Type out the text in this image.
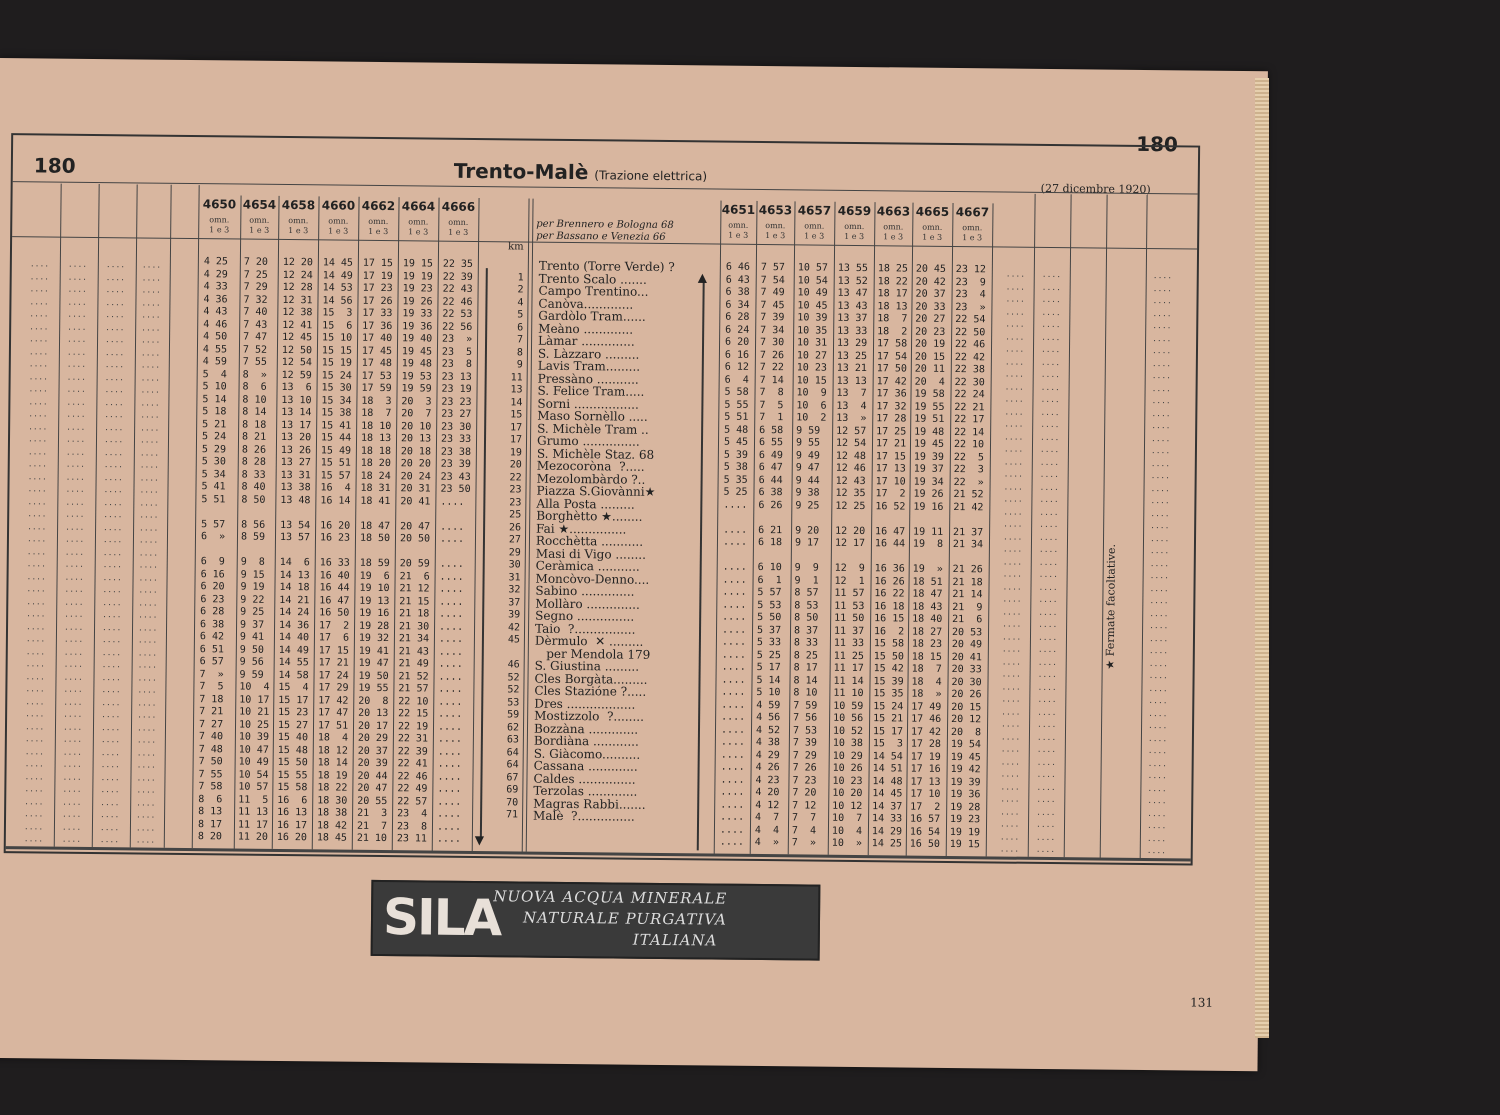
180
180
Trento-Malè (Trazione elettrica)
(27 dicembre 1920)
4650 4654 4658 4660 4662 4664 4666
omn.
1 e 3
omn.
1 e 3
omn.
1 e 3
omn.
1 e 3
omn.
1 e 3
omn.
1 e 3
omn.
1 e 3
4651 4653 4657 4659 4663 4665 4667
omn.
1 e 3
omn.
1 e 3
omn.
1 e 3
omn.
1 e 3
omn.
1 e 3
omn.
1 e 3
omn.
1 e 3
per Brennero e Bologna 68
per Bassano e Venezia 66
km
....
....
....
....
....
....
....
....
....
....
....
....
....
....
....
....
....
....
....
....
....
....
....
....
....
....
....
....
....
....
....
....
....
....
....
....
....
....
....
....
....
....
....
....
....
....
....
....
....
....
....
....
....
....
....
....
....
....
....
....
....
....
....
....
....
....
....
....
....
....
....
....
....
....
....
....
....
....
....
....
....
....
....
....
....
....
....
....
....
....
....
....
....
....
....
....
....
....
....
....
....
....
....
....
....
....
....
....
....
....
....
....
....
....
....
....
....
....
....
....
....
....
....
....
....
....
....
....
....
....
....
....
....
....
....
....
....
....
....
....
....
....
....
....
....
....
....
....
....
....
....
....
....
....
....
....
....
....
....
....
....
....
....
....
....
....
....
....
....
....
....
....
....
....
....
....
....
....
....
....
....
....
....
....
....
....
....
....
....
....
....
....
....
....
....
....
....
....
....
....
....
....
....
....
....
....
....
....
....
....
....
....
....
....
....
....
....
....
....
....
....
....
....
....
....
....
....
....
....
....
....
....
....
....
....
....
....
....
....
....
....
....
....
....
....
....
....
....
....
....
....
....
....
....
....
....
....
....
....
....
....
....
....
....
....
....
....
....
....
....
....
....
....
....
....
....
....
....
....
....
....
....
....
....
....
....
....
....
....
....
....
....
....
....
....
....
....
....
....
....
....
....
....
....
....
....
....
....
....
....
....
....
....
....
....
....
....
....
....
....
....
....
....
....
....
....
....
....
....
4 25
4 29
4 33
4 36
4 43
4 46
4 50
4 55
4 59
5  4
5 10
5 14
5 18
5 21
5 24
5 29
5 30
5 34
5 41
5 51

5 57
6  »

6  9
6 16
6 20
6 23
6 28
6 38
6 42
6 51
6 57
7  »
7  5
7 18
7 21
7 27
7 40
7 48
7 50
7 55
7 58
8  6
8 13
8 17
8 20
7 20
7 25
7 29
7 32
7 40
7 43
7 47
7 52
7 55
8  »
8  6
8 10
8 14
8 18
8 21
8 26
8 28
8 33
8 40
8 50

8 56
8 59

9  8
9 15
9 19
9 22
9 25
9 37
9 41
9 50
9 56
9 59
10  4
10 17
10 21
10 25
10 39
10 47
10 49
10 54
10 57
11  5
11 13
11 17
11 20
12 20
12 24
12 28
12 31
12 38
12 41
12 45
12 50
12 54
12 59
13  6
13 10
13 14
13 17
13 20
13 26
13 27
13 31
13 38
13 48

13 54
13 57

14  6
14 13
14 18
14 21
14 24
14 36
14 40
14 49
14 55
14 58
15  4
15 17
15 23
15 27
15 40
15 48
15 50
15 55
15 58
16  6
16 13
16 17
16 20
14 45
14 49
14 53
14 56
15  3
15  6
15 10
15 15
15 19
15 24
15 30
15 34
15 38
15 41
15 44
15 49
15 51
15 57
16  4
16 14

16 20
16 23

16 33
16 40
16 44
16 47
16 50
17  2
17  6
17 15
17 21
17 24
17 29
17 42
17 47
17 51
18  4
18 12
18 14
18 19
18 22
18 30
18 38
18 42
18 45
17 15
17 19
17 23
17 26
17 33
17 36
17 40
17 45
17 48
17 53
17 59
18  3
18  7
18 10
18 13
18 18
18 20
18 24
18 31
18 41

18 47
18 50

18 59
19  6
19 10
19 13
19 16
19 28
19 32
19 41
19 47
19 50
19 55
20  8
20 13
20 17
20 29
20 37
20 39
20 44
20 47
20 55
21  3
21  7
21 10
19 15
19 19
19 23
19 26
19 33
19 36
19 40
19 45
19 48
19 53
19 59
20  3
20  7
20 10
20 13
20 18
20 20
20 24
20 31
20 41

20 47
20 50

20 59
21  6
21 12
21 15
21 18
21 30
21 34
21 43
21 49
21 52
21 57
22 10
22 15
22 19
22 31
22 39
22 41
22 46
22 49
22 57
23  4
23  8
23 11
22 35
22 39
22 43
22 46
22 53
22 56
23  »
23  5
23  8
23 13
23 19
23 23
23 27
23 30
23 33
23 38
23 39
23 43
23 50
....

....
....

....
....
....
....
....
....
....
....
....
....
....
....
....
....
....
....
....
....
....
....
....
....
....

1
2
4
5
6
7
8
9
11
13
14
15
17
17
19
20
22
23
23
25
26
27
29
30
31
32
37
39
42
45

46
52
52
53
59
62
63
64
64
67
69
70
71
Trento (Torre Verde) ?
Trento Scalo .......
Campo Trentino...
Canòva.............
Gardòlo Tram......
Meàno .............
Làmar ..............
S. Làzzaro .........
Lavis Tram.........
Pressàno ...........
S. Felice Tram.....
Sorni .................
Maso Sornèllo .....
S. Michèle Tram ..
Grumo ...............
S. Michèle Staz. 68
Mezocoròna  ?.....
Mezolombàrdo ?..
Piazza S.Giovànni★
Alla Posta .........
Borghètto ★........
Fai ★...............
Rocchètta ...........
Masi di Vigo ........
Ceràmica ...........
Moncòvo-Denno....
Sabino ..............
Mollàro ..............
Segno ...............
Taio  ?................
Dèrmulo  ✕ .........
per Mendola 179
S. Giustina .........
Cles Borgàta.........
Cles Stazióne ?.....
Dres ..................
Mostizzolo  ?........
Bozzàna .............
Bordiàna ............
S. Giàcomo..........
Cassana .............
Caldes ...............
Terzolas .............
Magras Rabbi.......
Malè  ?...............
6 46
6 43
6 38
6 34
6 28
6 24
6 20
6 16
6 12
6  4
5 58
5 55
5 51
5 48
5 45
5 39
5 38
5 35
5 25
....

....
....

....
....
....
....
....
....
....
....
....
....
....
....
....
....
....
....
....
....
....
....
....
....
....
7 57
7 54
7 49
7 45
7 39
7 34
7 30
7 26
7 22
7 14
7  8
7  5
7  1
6 58
6 55
6 49
6 47
6 44
6 38
6 26

6 21
6 18

6 10
6  1
5 57
5 53
5 50
5 37
5 33
5 25
5 17
5 14
5 10
4 59
4 56
4 52
4 38
4 29
4 26
4 23
4 20
4 12
4  7
4  4
4  »
10 57
10 54
10 49
10 45
10 39
10 35
10 31
10 27
10 23
10 15
10  9
10  6
10  2
9 59
9 55
9 49
9 47
9 44
9 38
9 25

9 20
9 17

9  9
9  1
8 57
8 53
8 50
8 37
8 33
8 25
8 17
8 14
8 10
7 59
7 56
7 53
7 39
7 29
7 26
7 23
7 20
7 12
7  7
7  4
7  »
13 55
13 52
13 47
13 43
13 37
13 33
13 29
13 25
13 21
13 13
13  7
13  4
13  »
12 57
12 54
12 48
12 46
12 43
12 35
12 25

12 20
12 17

12  9
12  1
11 57
11 53
11 50
11 37
11 33
11 25
11 17
11 14
11 10
10 59
10 56
10 52
10 38
10 29
10 26
10 23
10 20
10 12
10  7
10  4
10  »
18 25
18 22
18 17
18 13
18  7
18  2
17 58
17 54
17 50
17 42
17 36
17 32
17 28
17 25
17 21
17 15
17 13
17 10
17  2
16 52

16 47
16 44

16 36
16 26
16 22
16 18
16 15
16  2
15 58
15 50
15 42
15 39
15 35
15 24
15 21
15 17
15  3
14 54
14 51
14 48
14 45
14 37
14 33
14 29
14 25
20 45
20 42
20 37
20 33
20 27
20 23
20 19
20 15
20 11
20  4
19 58
19 55
19 51
19 48
19 45
19 39
19 37
19 34
19 26
19 16

19 11
19  8

19  »
18 51
18 47
18 43
18 40
18 27
18 23
18 15
18  7
18  4
18  »
17 49
17 46
17 42
17 28
17 19
17 16
17 13
17 10
17  2
16 57
16 54
16 50
23 12
23  9
23  4
23  »
22 54
22 50
22 46
22 42
22 38
22 30
22 24
22 21
22 17
22 14
22 10
22  5
22  3
22  »
21 52
21 42

21 37
21 34

21 26
21 18
21 14
21  9
21  6
20 53
20 49
20 41
20 33
20 30
20 26
20 15
20 12
20  8
19 54
19 45
19 42
19 39
19 36
19 28
19 23
19 19
19 15
▼
▲
★ Fermate facoltative.
SILA
NUOVA ACQUA MINERALE
NATURALE PURGATIVA
ITALIANA
131
